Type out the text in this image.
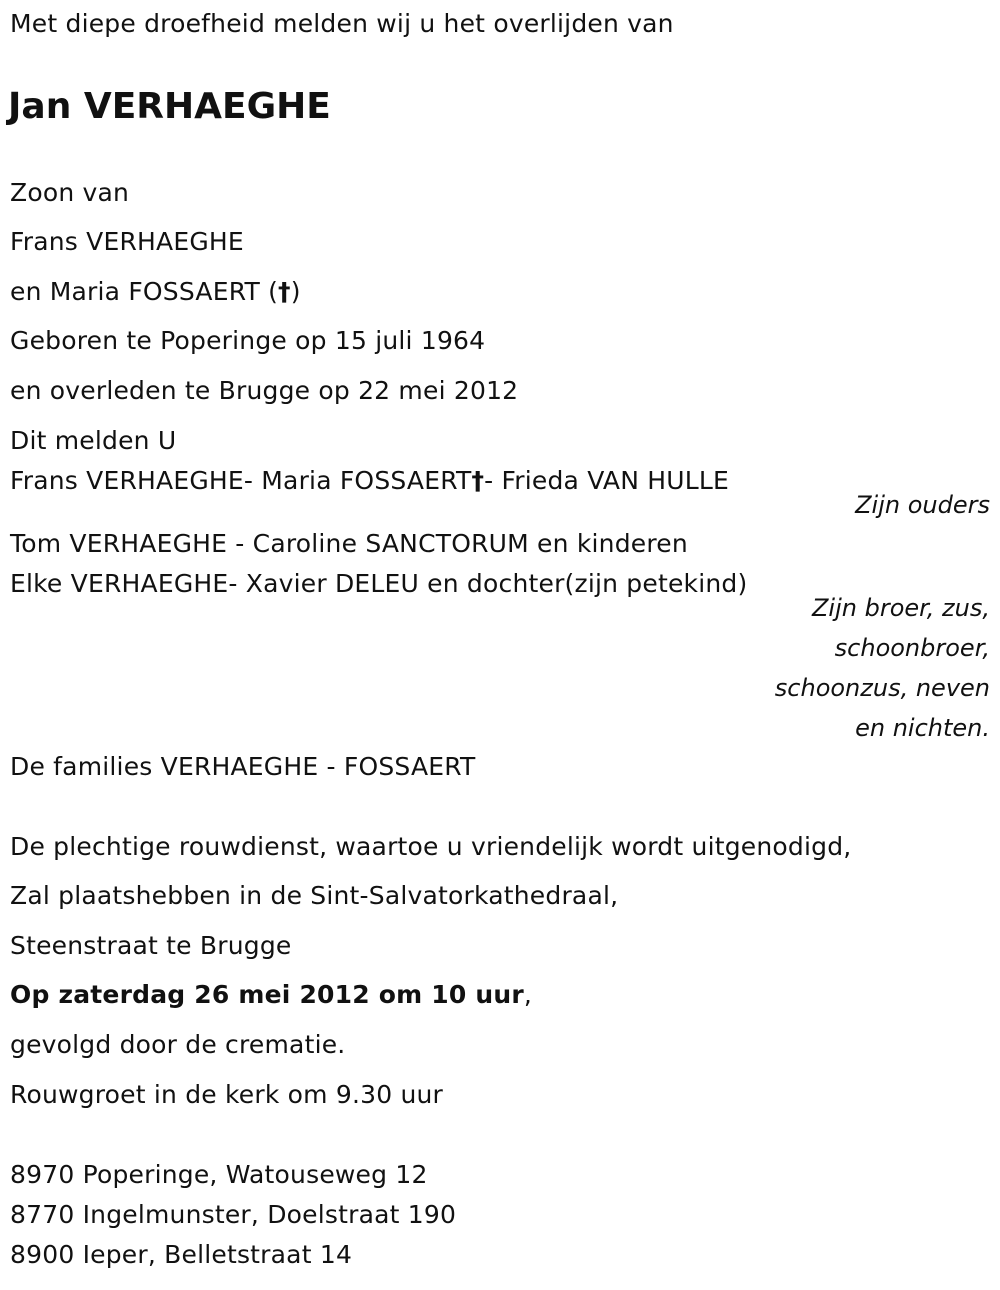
Met diepe droefheid melden wij u het overlijden van
Jan VERHAEGHE
Zoon van
Frans VERHAEGHE
en Maria FOSSAERT (†)
Geboren te Poperinge op 15 juli 1964
en overleden te Brugge op 22 mei 2012
Dit melden U
Frans VERHAEGHE- Maria FOSSAERT†- Frieda VAN HULLE
Zijn ouders
Tom VERHAEGHE - Caroline SANCTORUM en kinderen
Elke VERHAEGHE- Xavier DELEU en dochter(zijn petekind)
Zijn broer, zus,
schoonbroer,
schoonzus, neven
en nichten.
De families VERHAEGHE - FOSSAERT
De plechtige rouwdienst, waartoe u vriendelijk wordt uitgenodigd,
Zal plaatshebben in de Sint-Salvatorkathedraal,
Steenstraat te Brugge
Op zaterdag 26 mei 2012 om 10 uur,
gevolgd door de crematie.
Rouwgroet in de kerk om 9.30 uur
8970 Poperinge, Watouseweg 12
8770 Ingelmunster, Doelstraat 190
8900 Ieper, Belletstraat 14
